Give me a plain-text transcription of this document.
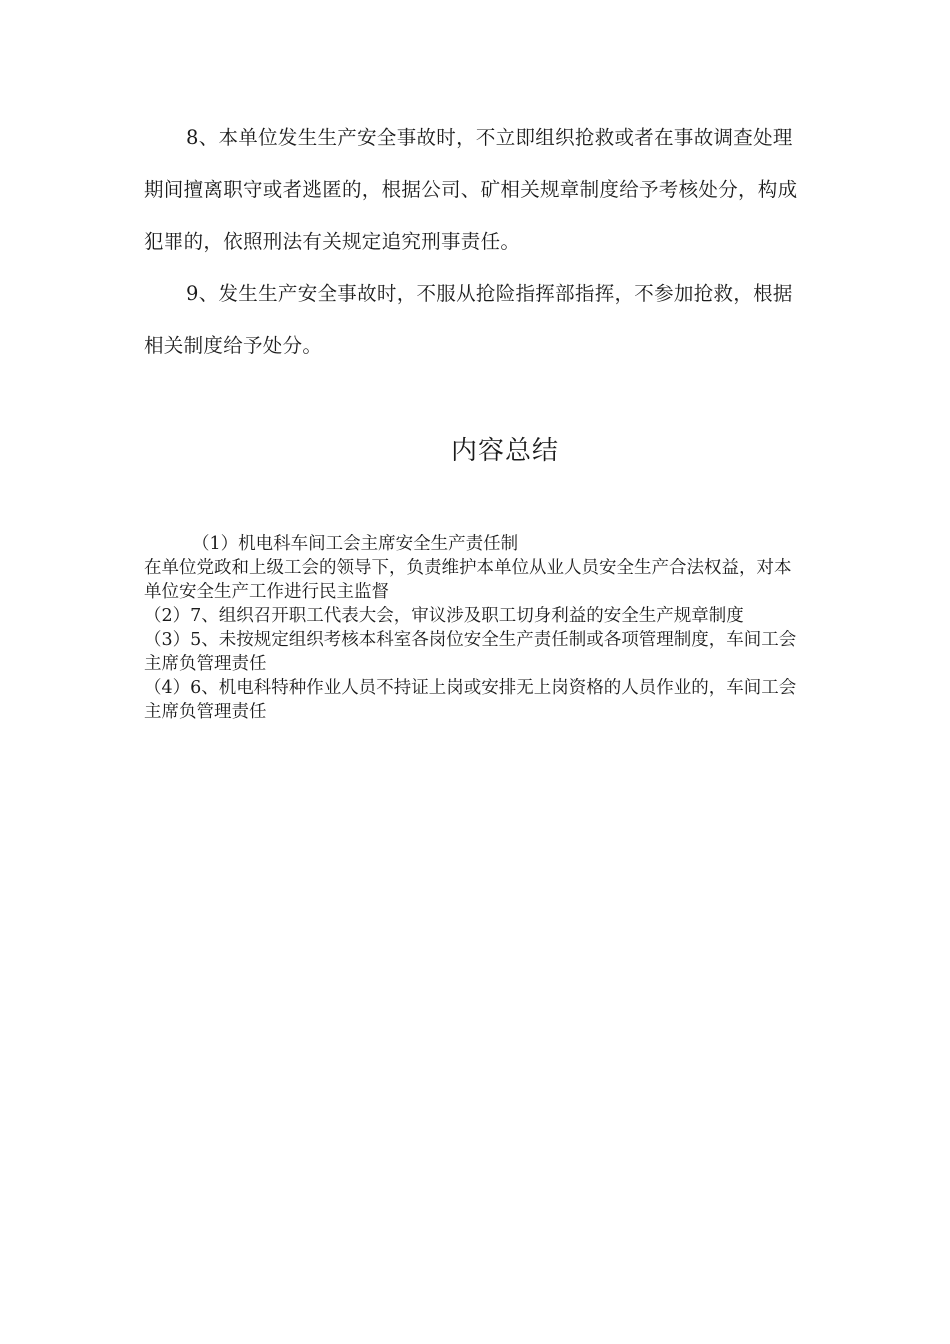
8、本单位发生生产安全事故时，不立即组织抢救或者在事故调查处理期间擅离职守或者逃匿的，根据公司、矿相关规章制度给予考核处分，构成犯罪的，依照刑法有关规定追究刑事责任。

9、发生生产安全事故时，不服从抢险指挥部指挥，不参加抢救，根据相关制度给予处分。

内容总结

（1）机电科车间工会主席安全生产责任制

在单位党政和上级工会的领导下，负责维护本单位从业人员安全生产合法权益，对本单位安全生产工作进行民主监督

（2）7、组织召开职工代表大会，审议涉及职工切身利益的安全生产规章制度

（3）5、未按规定组织考核本科室各岗位安全生产责任制或各项管理制度，车间工会主席负管理责任

（4）6、机电科特种作业人员不持证上岗或安排无上岗资格的人员作业的，车间工会主席负管理责任
